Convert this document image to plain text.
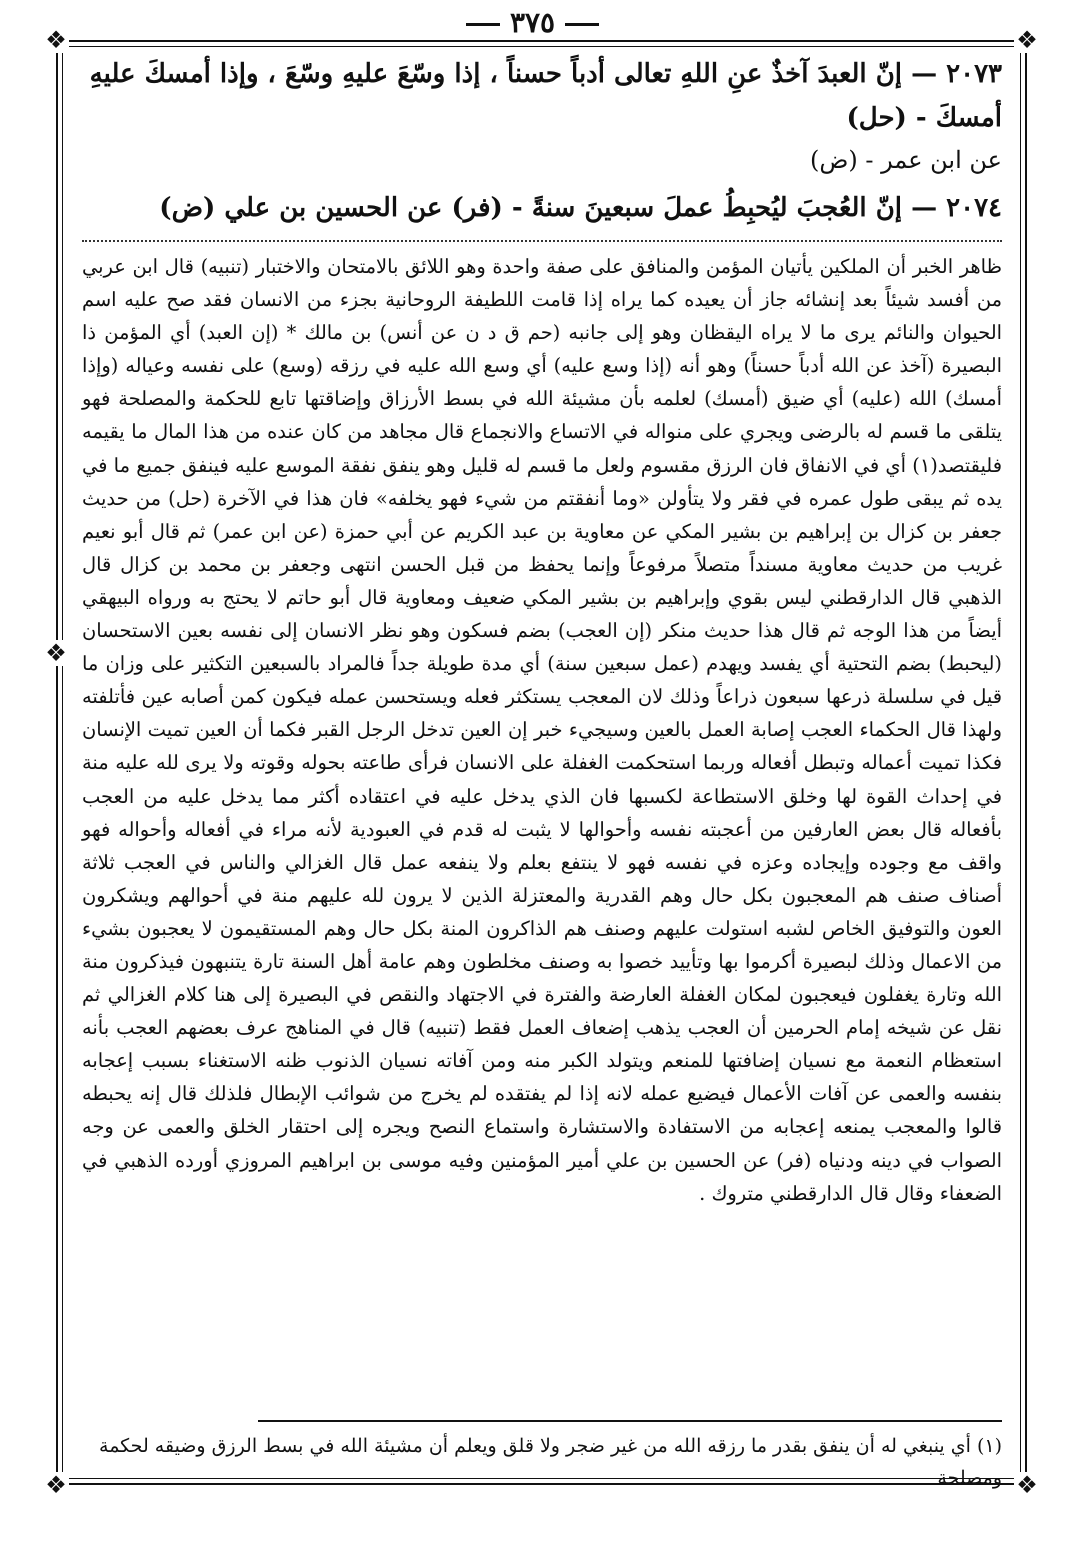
٣٧٥
❖	❖
❖
❖	❖

٢٠٧٣ — إنّ العبدَ آخذٌ عنِ اللهِ تعالى أدباً حسناً ، إذا وسّعَ عليهِ وسّعَ ، وإذا أمسكَ عليهِ أمسكَ - (حل)

عن ابن عمر - (ض)

٢٠٧٤ — إنّ العُجبَ ليُحبِطُ عملَ سبعينَ سنةً - (فر) عن الحسين بن علي (ض)

ظاهر الخبر أن الملكين يأتيان المؤمن والمنافق على صفة واحدة وهو اللائق بالامتحان والاختبار (تنبيه) قال ابن عربي من أفسد شيئاً بعد إنشائه جاز أن يعيده كما يراه إذا قامت اللطيفة الروحانية بجزء من الانسان فقد صح عليه اسم الحيوان والنائم يرى ما لا يراه اليقظان وهو إلى جانبه (حم ق د ن عن أنس) بن مالك * (إن العبد) أي المؤمن ذا البصيرة (آخذ عن الله أدباً حسناً) وهو أنه (إذا وسع عليه) أي وسع الله عليه في رزقه (وسع) على نفسه وعياله (وإذا أمسك) الله (عليه) أي ضيق (أمسك) لعلمه بأن مشيئة الله في بسط الأرزاق وإضاقتها تابع للحكمة والمصلحة فهو يتلقى ما قسم له بالرضى ويجري على منواله في الاتساع والانجماع قال مجاهد من كان عنده من هذا المال ما يقيمه فليقتصد(١) أي في الانفاق فان الرزق مقسوم ولعل ما قسم له قليل وهو ينفق نفقة الموسع عليه فينفق جميع ما في يده ثم يبقى طول عمره في فقر ولا يتأولن «وما أنفقتم من شيء فهو يخلفه» فان هذا في الآخرة (حل) من حديث جعفر بن كزال بن إبراهيم بن بشير المكي عن معاوية بن عبد الكريم عن أبي حمزة (عن ابن عمر) ثم قال أبو نعيم غريب من حديث معاوية مسنداً متصلاً مرفوعاً وإنما يحفظ من قبل الحسن انتهى وجعفر بن محمد بن كزال قال الذهبي قال الدارقطني ليس بقوي وإبراهيم بن بشير المكي ضعيف ومعاوية قال أبو حاتم لا يحتج به ورواه البيهقي أيضاً من هذا الوجه ثم قال هذا حديث منكر (إن العجب) بضم فسكون وهو نظر الانسان إلى نفسه بعين الاستحسان (ليحبط) بضم التحتية أي يفسد ويهدم (عمل سبعين سنة) أي مدة طويلة جداً فالمراد بالسبعين التكثير على وزان ما قيل في سلسلة ذرعها سبعون ذراعاً وذلك لان المعجب يستكثر فعله ويستحسن عمله فيكون كمن أصابه عين فأتلفته ولهذا قال الحكماء العجب إصابة العمل بالعين وسيجيء خبر إن العين تدخل الرجل القبر فكما أن العين تميت الإنسان فكذا تميت أعماله وتبطل أفعاله وربما استحكمت الغفلة على الانسان فرأى طاعته بحوله وقوته ولا يرى لله عليه منة في إحداث القوة لها وخلق الاستطاعة لكسبها فان الذي يدخل عليه في اعتقاده أكثر مما يدخل عليه من العجب بأفعاله قال بعض العارفين من أعجبته نفسه وأحوالها لا يثبت له قدم في العبودية لأنه مراء في أفعاله وأحواله فهو واقف مع وجوده وإيجاده وعزه في نفسه فهو لا ينتفع بعلم ولا ينفعه عمل قال الغزالي والناس في العجب ثلاثة أصناف صنف هم المعجبون بكل حال وهم القدرية والمعتزلة الذين لا يرون لله عليهم منة في أحوالهم ويشكرون العون والتوفيق الخاص لشبه استولت عليهم وصنف هم الذاكرون المنة بكل حال وهم المستقيمون لا يعجبون بشيء من الاعمال وذلك لبصيرة أكرموا بها وتأييد خصوا به وصنف مخلطون وهم عامة أهل السنة تارة يتنبهون فيذكرون منة الله وتارة يغفلون فيعجبون لمكان الغفلة العارضة والفترة في الاجتهاد والنقص في البصيرة إلى هنا كلام الغزالي ثم نقل عن شيخه إمام الحرمين أن العجب يذهب إضعاف العمل فقط (تنبيه) قال في المناهج عرف بعضهم العجب بأنه استعظام النعمة مع نسيان إضافتها للمنعم ويتولد الكبر منه ومن آفاته نسيان الذنوب ظنه الاستغناء بسبب إعجابه بنفسه والعمى عن آفات الأعمال فيضيع عمله لانه إذا لم يفتقده لم يخرج من شوائب الإبطال فلذلك قال إنه يحبطه قالوا والمعجب يمنعه إعجابه من الاستفادة والاستشارة واستماع النصح ويجره إلى احتقار الخلق والعمى عن وجه الصواب في دينه ودنياه (فر) عن الحسين بن علي أمير المؤمنين وفيه موسى بن ابراهيم المروزي أورده الذهبي في الضعفاء وقال قال الدارقطني متروك .

(١) أي ينبغي له أن ينفق بقدر ما رزقه الله من غير ضجر ولا قلق ويعلم أن مشيئة الله في بسط الرزق وضيقه لحكمة ومصلحة
